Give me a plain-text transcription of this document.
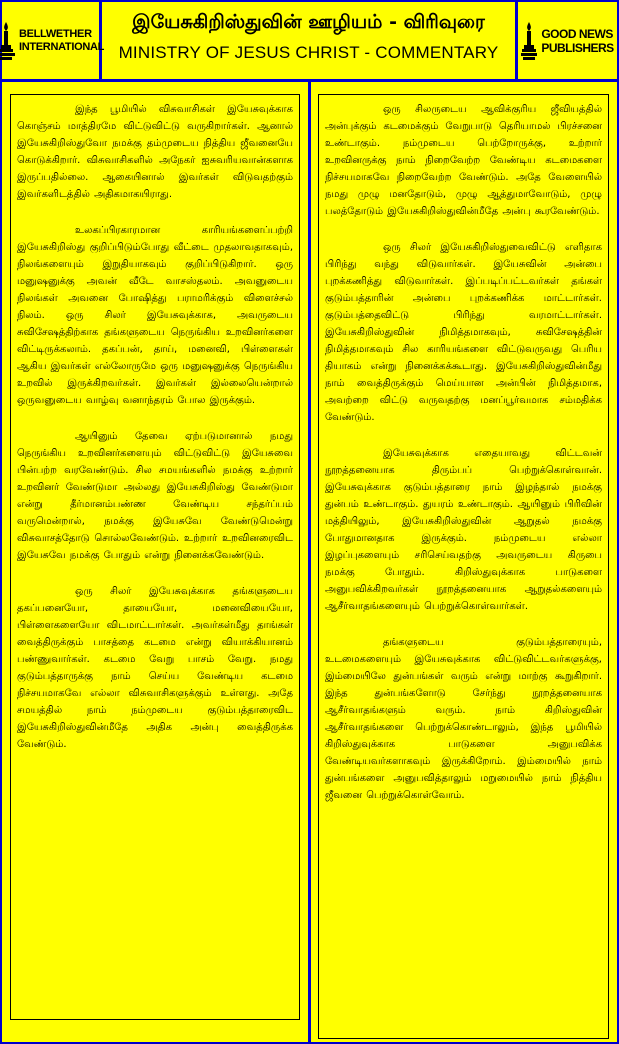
BELLWETHER
INTERNATIONAL
இயேசுகிறிஸ்துவின் ஊழியம் - விரிவுரை
MINISTRY OF JESUS CHRIST - COMMENTARY
GOOD NEWS
PUBLISHERS

இந்த பூமியில் விசுவாசிகள் இயேசுவுக்காக கொஞ்சம் மாத்திரமே விட்டுவிட்டு வருகிறார்கள். ஆனால் இயேசுகிறிஸ்துவோ நமக்கு தம்முடைய நித்திய ஜீவனையே கொடுக்கிறார். விசுவாசிகளில் அநேகர் ஐசுவரியவான்களாக இருப்பதில்லை. ஆகையினால் இவர்கள் விடுவதற்கும் இவர்களிடத்தில் அதிகமாகயிராது.

உலகப்பிரகாரமான காரியங்களைப்பற்றி இயேசுகிறிஸ்து குறிப்பிடும்போது வீட்டை முதலாவதாகவும், நிலங்களையும் இறுதியாகவும் குறிப்பிடுகிறார். ஒரு மனுஷனுக்கு அவன் வீடே வாசஸ்தலம். அவனுடைய நிலங்கள் அவனை போஷித்து பராமரிக்கும் விளைச்சல் நிலம். ஒரு சிலர் இயேசுவுக்காக, அவருடைய சுவிசேஷத்திற்காக தங்களுடைய நெருங்கிய உறவினர்களை விட்டிருக்கலாம். தகப்பன், தாய், மனைவி, பிள்ளைகள் ஆகிய இவர்கள் எல்லோருமே ஒரு மனுஷனுக்கு நெருங்கிய உறவில் இருக்கிறவர்கள். இவர்கள் இல்லையென்றால் ஒருவனுடைய வாழ்வு வனாந்தரம் போல இருக்கும்.

ஆயினும் தேவை ஏற்படுமானால் நமது நெருங்கிய உறவினர்களையும் விட்டுவிட்டு இயேசுவை பின்பற்ற வரவேண்டும். சில சமயங்களில் நமக்கு உற்றார் உறவினர் வேண்டுமா அல்லது இயேசுகிறிஸ்து வேண்டுமா என்று தீர்மானம்பண்ண வேண்டிய சந்தர்ப்பம் வருமென்றால், நமக்கு இயேசுவே வேண்டுமென்று விசுவாசத்தோடு சொல்லவேண்டும். உற்றார் உறவினரைவிட இயேசுவே நமக்கு போதும் என்று நினைக்கவேண்டும்.

ஒரு சிலர் இயேசுவுக்காக தங்களுடைய தகப்பனையோ, தாயையோ, மனைவியையோ, பிள்ளைகளையோ விடமாட்டார்கள். அவர்கள்மீது தாங்கள் வைத்திருக்கும் பாசத்தை கடமை என்று வியாக்கியானம் பண்ணுவார்கள். கடமை வேறு பாசம் வேறு. நமது குடும்பத்தாருக்கு நாம் செய்ய வேண்டிய கடமை நிச்சயமாகவே எல்லா விசுவாசிகளுக்கும் உள்ளது. அதே சமயத்தில் நாம் நம்முடைய குடும்பத்தாரைவிட இயேசுகிறிஸ்துவின்மீதே அதிக அன்பு வைத்திருக்க வேண்டும்.

ஒரு சிலருடைய ஆவிக்குரிய ஜீவியத்தில் அன்புக்கும் கடமைக்கும் வேறுபாடு தெரியாமல் பிரச்சனை உண்டாகும். நம்முடைய பெற்றோருக்கு, உற்றார் உறவினருக்கு நாம் நிறைவேற்ற வேண்டிய கடமைகளை நிச்சயமாகவே நிறைவேற்ற வேண்டும். அதே வேளையில் நமது முழு மனதோடும், முழு ஆத்துமாவோடும், முழு பலத்தோடும் இயேசுகிறிஸ்துவின்மீதே அன்பு கூரவேண்டும்.

ஒரு சிலர் இயேசுகிறிஸ்துவைவிட்டு எளிதாக பிரிந்து வந்து விடுவார்கள். இயேசுவின் அன்பை புறக்கணித்து விடுவார்கள். இப்படிப்பட்டவர்கள் தங்கள் குடும்பத்தாரின் அன்பை புறக்கணிக்க மாட்டார்கள். குடும்பத்தைவிட்டு பிரிந்து வரமாட்டார்கள். இயேசுகிறிஸ்துவின் நிமித்தமாகவும், சுவிசேஷத்தின் நிமித்தமாகவும் சில காரியங்களை விட்டுவருவது பெரிய தியாகம் என்று நினைக்கக்கூடாது. இயேசுகிறிஸ்துவின்மீது நாம் வைத்திருக்கும் மெய்யான அன்பின் நிமித்தமாக, அவற்றை விட்டு வருவதற்கு மனப்பூர்வமாக சம்மதிக்க வேண்டும்.

இயேசுவுக்காக எதையாவது விட்டவன் நூறத்தனையாக திரும்பப் பெற்றுக்கொள்வான். இயேசுவுக்காக குடும்பத்தாரை நாம் இழந்தால் நமக்கு துன்பம் உண்டாகும். துயரம் உண்டாகும். ஆயினும் பிரிவின் மத்தியிலும், இயேசுகிறிஸ்துவின் ஆறுதல் நமக்கு போதுமானதாக இருக்கும். நம்முடைய எல்லா இழப்புகளையும் சரிசெய்வதற்கு அவருடைய கிருபை நமக்கு போதும். கிறிஸ்துவுக்காக பாடுகளை அனுபவிக்கிறவர்கள் நூறத்தனையாக ஆறுதல்களையும் ஆசீர்வாதங்களையும் பெற்றுக்கொள்வார்கள்.

தங்களுடைய குடும்பத்தாரையும், உடமைகளையும் இயேசுவுக்காக விட்டுவிட்டவர்களுக்கு, இம்மையிலே துன்பங்கள் வரும் என்று மாற்கு கூறுகிறார். இந்த துன்பங்களோடு சேர்ந்து நூறத்தனையாக ஆசீர்வாதங்களும் வரும். நாம் கிறிஸ்துவின் ஆசீர்வாதங்களை பெற்றுக்கொண்டாலும், இந்த பூமியில் கிறிஸ்துவுக்காக பாடுகளை அனுபவிக்க வேண்டியவர்களாகவும் இருக்கிறோம். இம்மையில் நாம் துன்பங்களை அனுபவித்தாலும் மறுமையில் நாம் நித்திய ஜீவனை பெற்றுக்கொள்வோம்.
